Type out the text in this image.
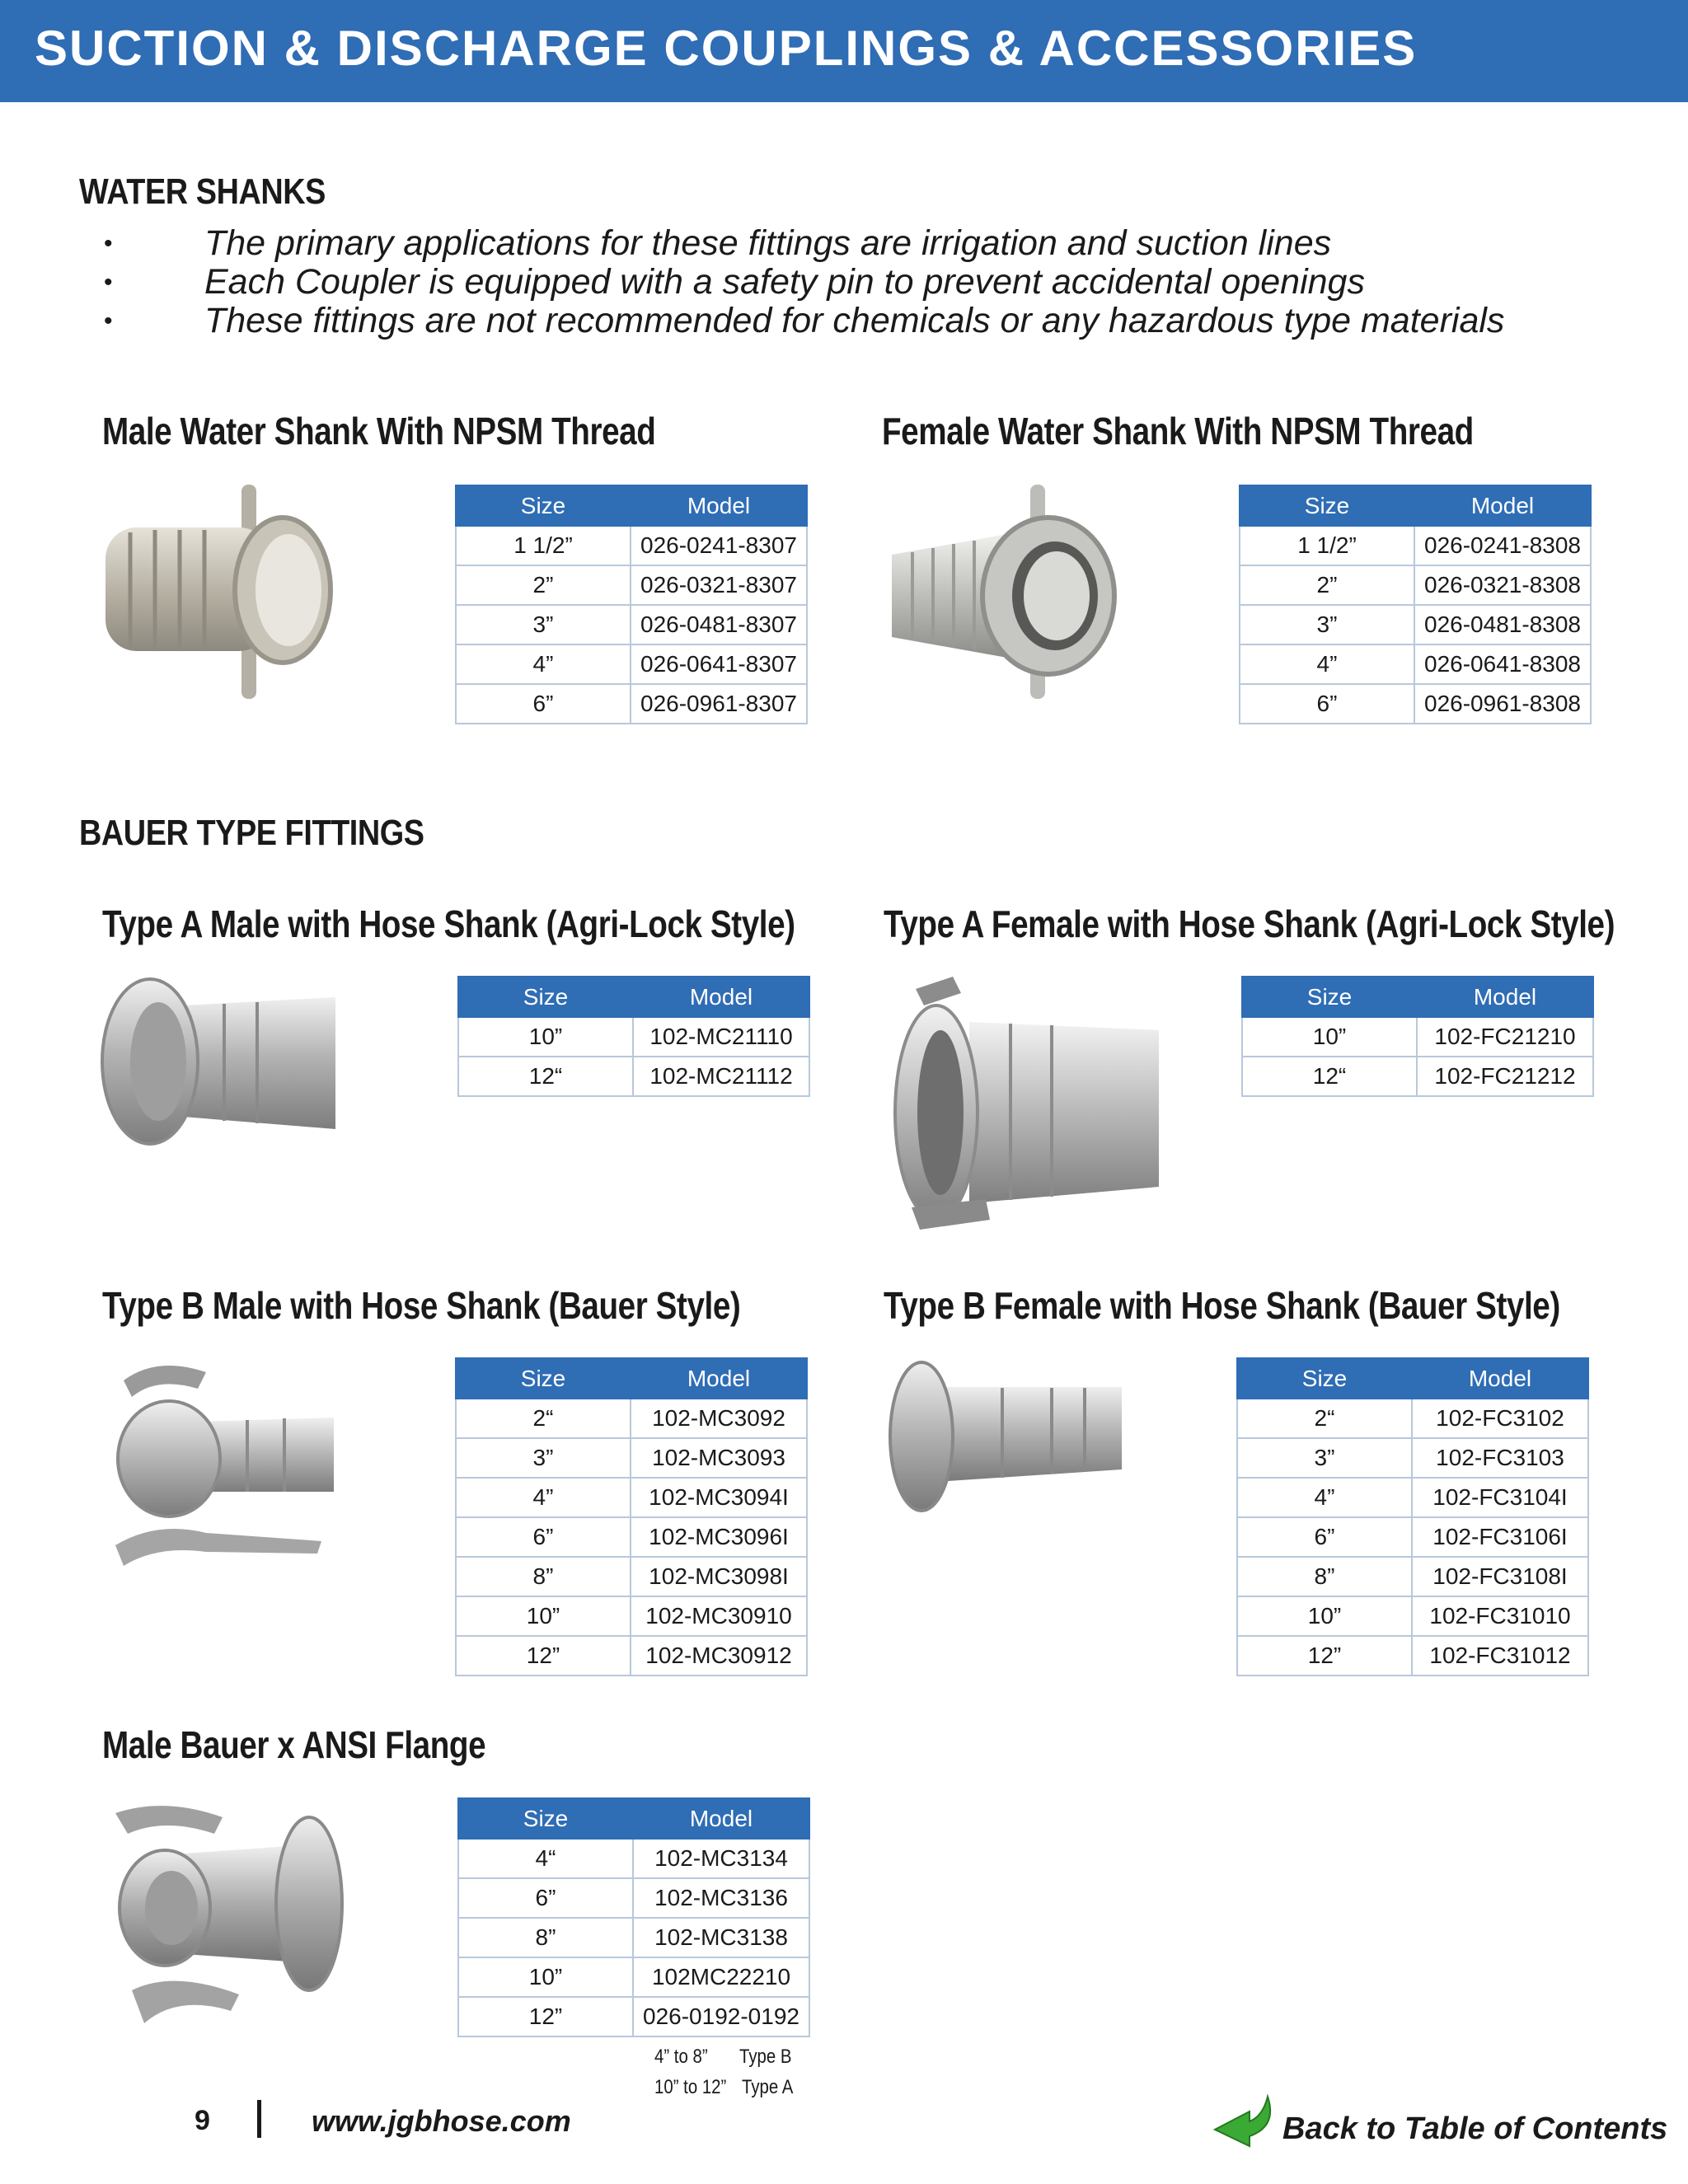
SUCTION & DISCHARGE COUPLINGS & ACCESSORIES
WATER SHANKS
• The primary applications for these fittings are irrigation and suction lines
• Each Coupler is equipped with a safety pin to prevent accidental openings
• These fittings are not recommended for chemicals or any hazardous type materials
Male Water Shank With NPSM Thread
Size	Model
1 1/2”	026-0241-8307
2”	026-0321-8307
3”	026-0481-8307
4”	026-0641-8307
6”	026-0961-8307
Female Water Shank With NPSM Thread
Size	Model
1 1/2”	026-0241-8308
2”	026-0321-8308
3”	026-0481-8308
4”	026-0641-8308
6”	026-0961-8308
BAUER TYPE FITTINGS
Type A Male with Hose Shank (Agri-Lock Style)
Size	Model
10”	102-MC21110
12“	102-MC21112
Type A Female with Hose Shank (Agri-Lock Style)
Size	Model
10”	102-FC21210
12“	102-FC21212
Type B Male with Hose Shank (Bauer Style)
Size	Model
2“	102-MC3092
3”	102-MC3093
4”	102-MC3094I
6”	102-MC3096I
8”	102-MC3098I
10”	102-MC30910
12”	102-MC30912
Type B Female with Hose Shank (Bauer Style)
Size	Model
2“	102-FC3102
3”	102-FC3103
4”	102-FC3104I
6”	102-FC3106I
8”	102-FC3108I
10”	102-FC31010
12”	102-FC31012
Male Bauer x ANSI Flange
Size	Model
4“	102-MC3134
6”	102-MC3136
8”	102-MC3138
10”	102MC22210
12”	026-0192-0192
4” to 8” Type B
10” to 12” Type A
9	www.jgbhose.com	Back to Table of Contents
